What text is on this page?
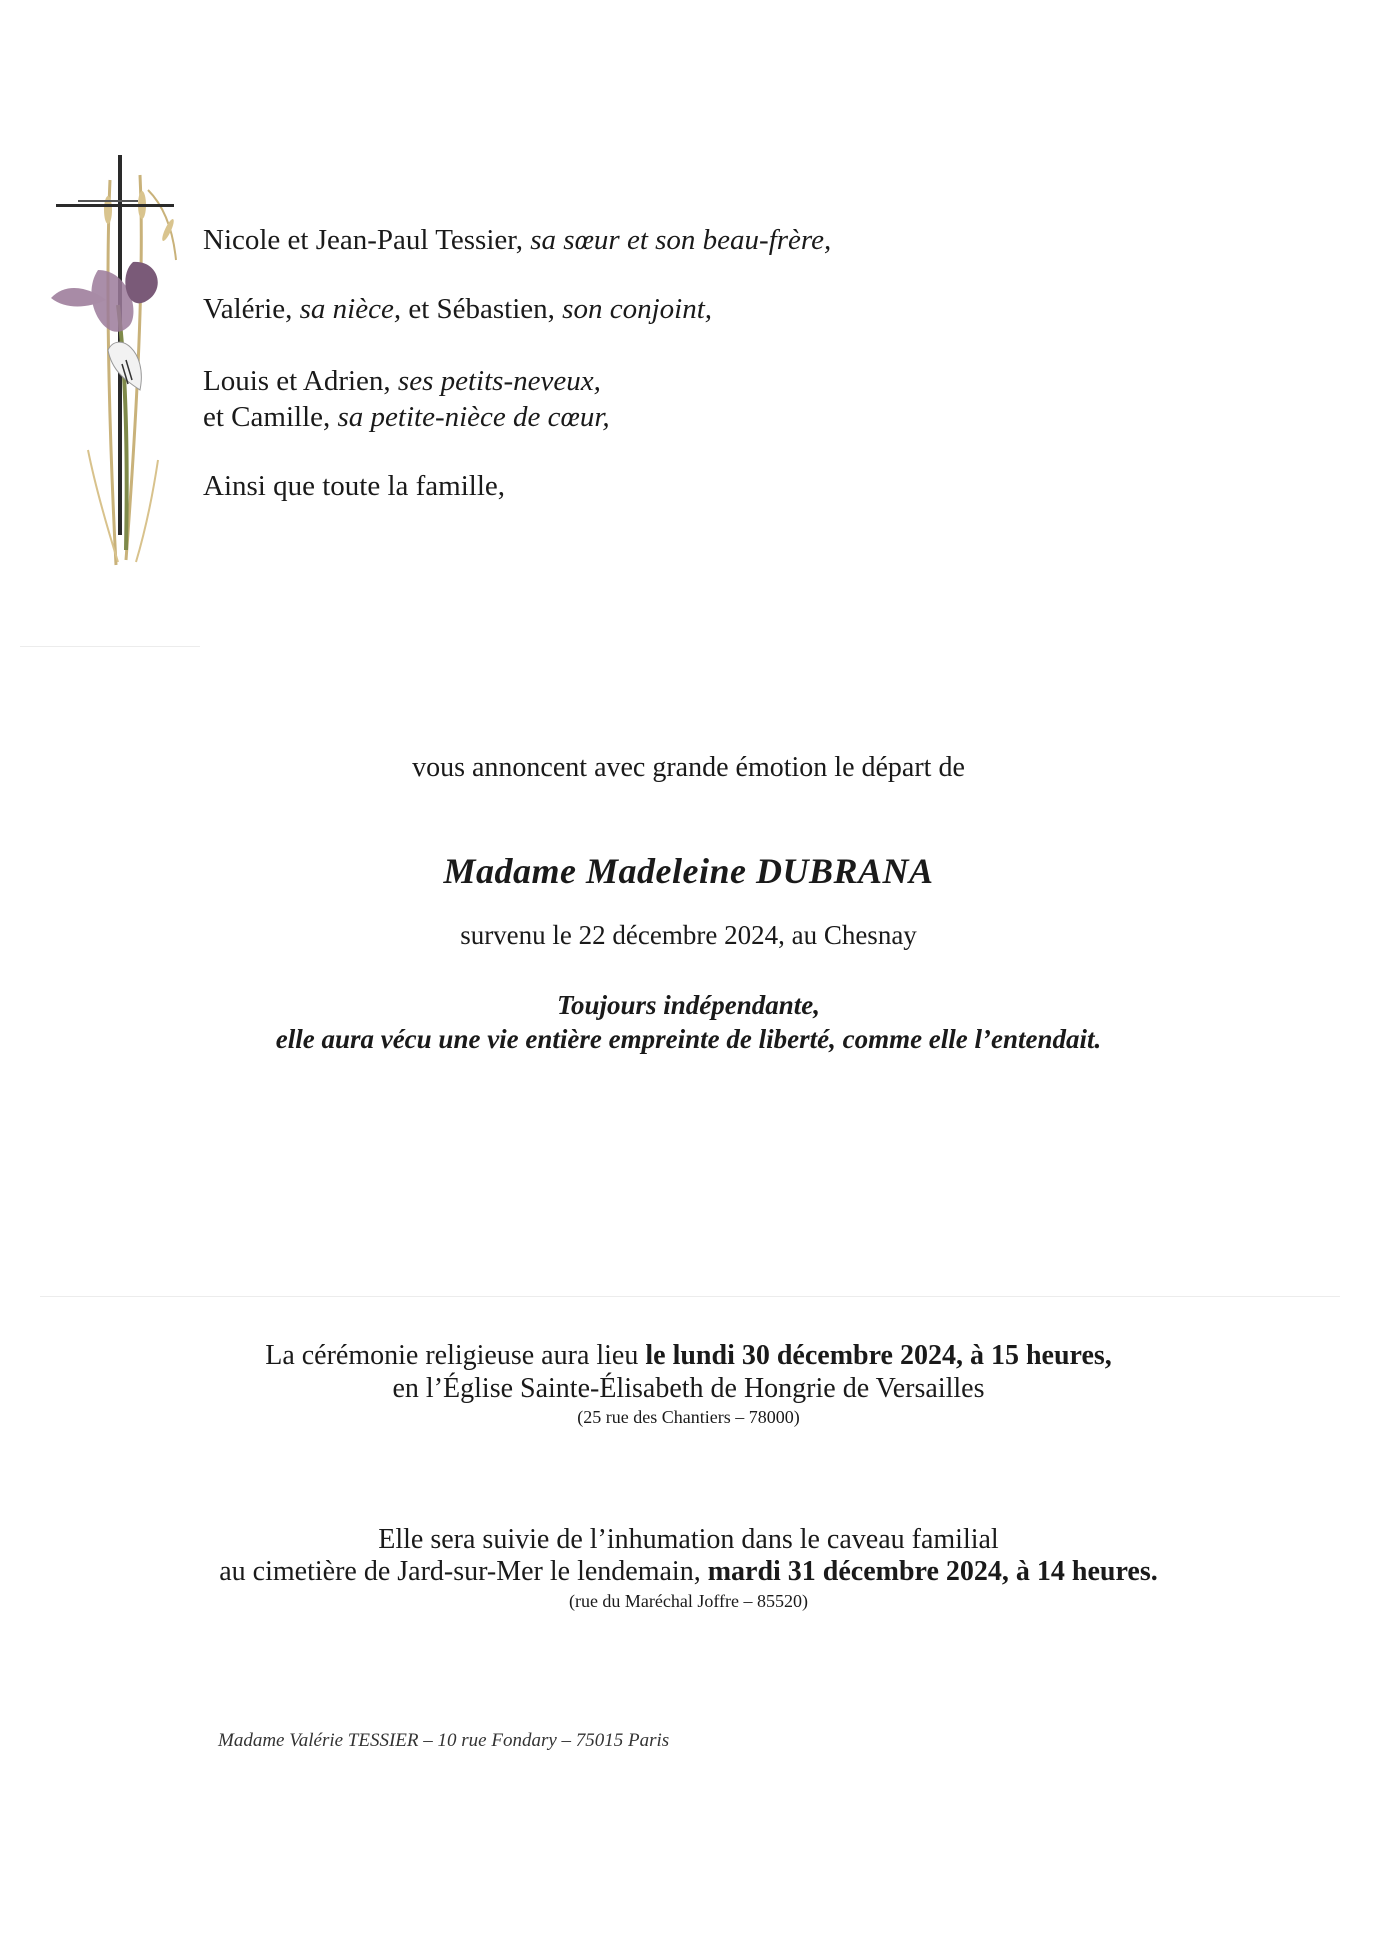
Nicole et Jean-Paul Tessier, sa sœur et son beau-frère,
Valérie, sa nièce, et Sébastien, son conjoint,
Louis et Adrien, ses petits-neveux,
et Camille, sa petite-nièce de cœur,
Ainsi que toute la famille,
vous annoncent avec grande émotion le départ de
Madame Madeleine DUBRANA
survenu le 22 décembre 2024, au Chesnay
Toujours indépendante,
elle aura vécu une vie entière empreinte de liberté, comme elle l’entendait.
La cérémonie religieuse aura lieu le lundi 30 décembre 2024, à 15 heures,
en l’Église Sainte-Élisabeth de Hongrie de Versailles
(25 rue des Chantiers – 78000)
Elle sera suivie de l’inhumation dans le caveau familial
au cimetière de Jard-sur-Mer le lendemain, mardi 31 décembre 2024, à 14 heures.
(rue du Maréchal Joffre – 85520)
Madame Valérie TESSIER – 10 rue Fondary – 75015 Paris
